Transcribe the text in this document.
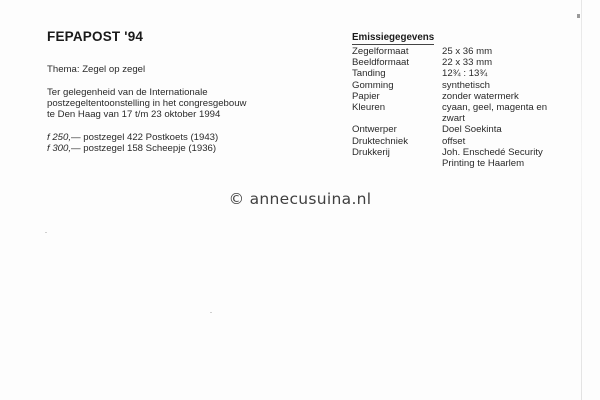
FEPAPOST '94
Thema: Zegel op zegel
Ter gelegenheid van de Internationale
postzegeltentoonstelling in het congresgebouw
te Den Haag van 17 t/m 23 oktober 1994
f 250,— postzegel 422 Postkoets (1943)
f 300,— postzegel 158 Scheepje (1936)
Emissiegegevens
Zegelformaat	25 x 36 mm
Beeldformaat	22 x 33 mm
Tanding	12¾ : 13¾
Gomming	synthetisch
Papier	zonder watermerk
Kleuren	cyaan, geel, magenta en
	zwart
Ontwerper	Doel Soekinta
Druktechniek	offset
Drukkerij	Joh. Enschedé Security
	Printing te Haarlem
© annecusuina.nl
